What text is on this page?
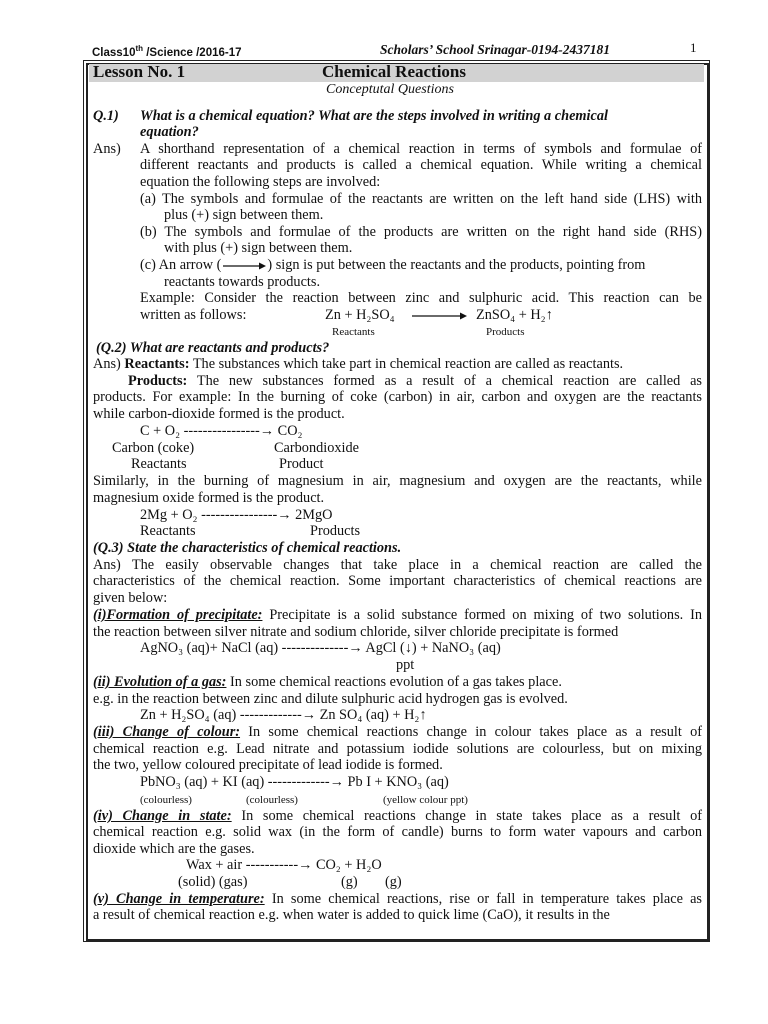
Class10th /Science /2016-17	Scholars’ School Srinagar-0194-2437181	1
Lesson No. 1	Chemical Reactions
Conceptutal Questions
Q.1) What is a chemical equation? What are the steps involved in writing a chemical
equation?
Ans) A shorthand representation of a chemical reaction in terms of symbols and formulae of
different reactants and products is called a chemical equation. While writing a chemical
equation the following steps are involved:
(a) The symbols and formulae of the reactants are written on the left hand side (LHS) with
plus (+) sign between them.
(b) The symbols and formulae of the products are written on the right hand side (RHS)
with plus (+) sign between them.
(c) An arrow (	) sign is put between the reactants and the products, pointing from
reactants towards products.
Example: Consider the reaction between zinc and sulphuric acid. This reaction can be
written as follows:	Zn + H₂SO₄	ZnSO₄ + H₂↑
Reactants	Products
(Q.2) What are reactants and products?
Ans) Reactants: The substances which take part in chemical reaction are called as reactants.
Products: The new substances formed as a result of a chemical reaction are called as
products. For example: In the burning of coke (carbon) in air, carbon and oxygen are the reactants
while carbon-dioxide formed is the product.
C + O₂ ----------------→ CO₂
Carbon (coke)	Carbondioxide
Reactants	Product
Similarly, in the burning of magnesium in air, magnesium and oxygen are the reactants, while
magnesium oxide formed is the product.
2Mg + O₂ ----------------→ 2MgO
Reactants	Products
(Q.3) State the characteristics of chemical reactions.
Ans) The easily observable changes that take place in a chemical reaction are called the
characteristics of the chemical reaction. Some important characteristics of chemical reactions are
given below:
(i)Formation of precipitate: Precipitate is a solid substance formed on mixing of two solutions. In
the reaction between silver nitrate and sodium chloride, silver chloride precipitate is formed
AgNO₃ (aq)+ NaCl (aq) --------------→ AgCl (↓) + NaNO₃ (aq)
ppt
(ii) Evolution of a gas: In some chemical reactions evolution of a gas takes place.
e.g. in the reaction between zinc and dilute sulphuric acid hydrogen gas is evolved.
Zn + H₂SO₄ (aq) -------------→ Zn SO₄ (aq) + H₂↑
(iii) Change of colour: In some chemical reactions change in colour takes place as a result of
chemical reaction e.g. Lead nitrate and potassium iodide solutions are colourless, but on mixing
the two, yellow coloured precipitate of lead iodide is formed.
PbNO₃ (aq) + KI (aq) -------------→ Pb I + KNO₃ (aq)
(colourless)	(colourless)	(yellow colour ppt)
(iv) Change in state: In some chemical reactions change in state takes place as a result of
chemical reaction e.g. solid wax (in the form of candle) burns to form water vapours and carbon
dioxide which are the gases.
Wax + air -----------→ CO₂ + H₂O
(solid) (gas)	(g) (g)
(v) Change in temperature: In some chemical reactions, rise or fall in temperature takes place as
a result of chemical reaction e.g. when water is added to quick lime (CaO), it results in the
